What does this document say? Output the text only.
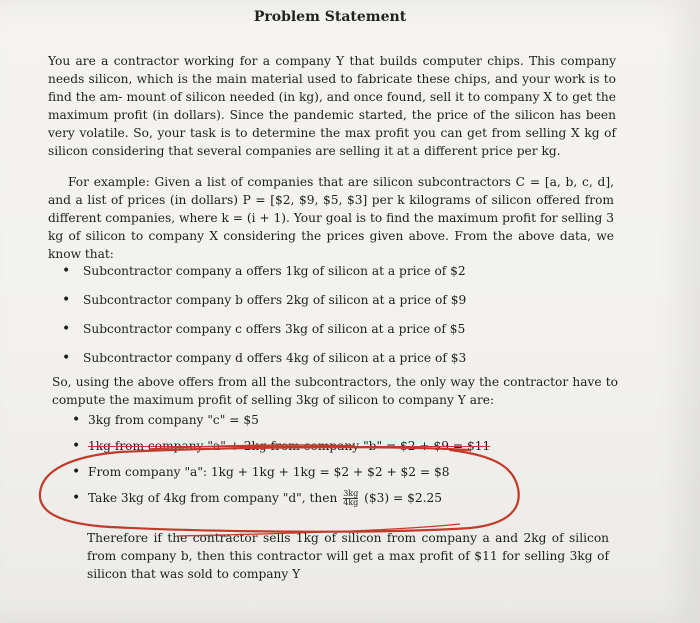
Problem Statement

You are a contractor working for a company Y that builds computer chips. This company needs silicon, which is the main material used to fabricate these chips, and your work is to find the am- mount of silicon needed (in kg), and once found, sell it to company X to get the maximum profit (in dollars). Since the pandemic started, the price of the silicon has been very volatile. So, your task is to determine the max profit you can get from selling X kg of silicon considering that several companies are selling it at a different price per kg.

For example: Given a list of companies that are silicon subcontractors C = [a, b, c, d], and a list of prices (in dollars) P = [$2, $9, $5, $3] per k kilograms of silicon offered from different companies, where k = (i + 1). Your goal is to find the maximum profit for selling 3 kg of silicon to company X considering the prices given above. From the above data, we know that:

•	Subcontractor company a offers 1kg of silicon at a price of $2
•	Subcontractor company b offers 2kg of silicon at a price of $9
•	Subcontractor company c offers 3kg of silicon at a price of $5
•	Subcontractor company d offers 4kg of silicon at a price of $3

So, using the above offers from all the subcontractors, the only way the contractor have to compute the maximum profit of selling 3kg of silicon to company Y are:

• 3kg from company "c" = $5
• 1kg from company "a" + 2kg from company "b" = $2 + $9 = $11
• From company "a": 1kg + 1kg + 1kg = $2 + $2 + $2 = $8
• Take 3kg of 4kg from company "d", then $\frac{3kg}{4kg}$ ($3) = $2.25

Therefore if the contractor sells 1kg of silicon from company a and 2kg of silicon from company b, then this contractor will get a max profit of $11 for selling 3kg of silicon that was sold to company Y
